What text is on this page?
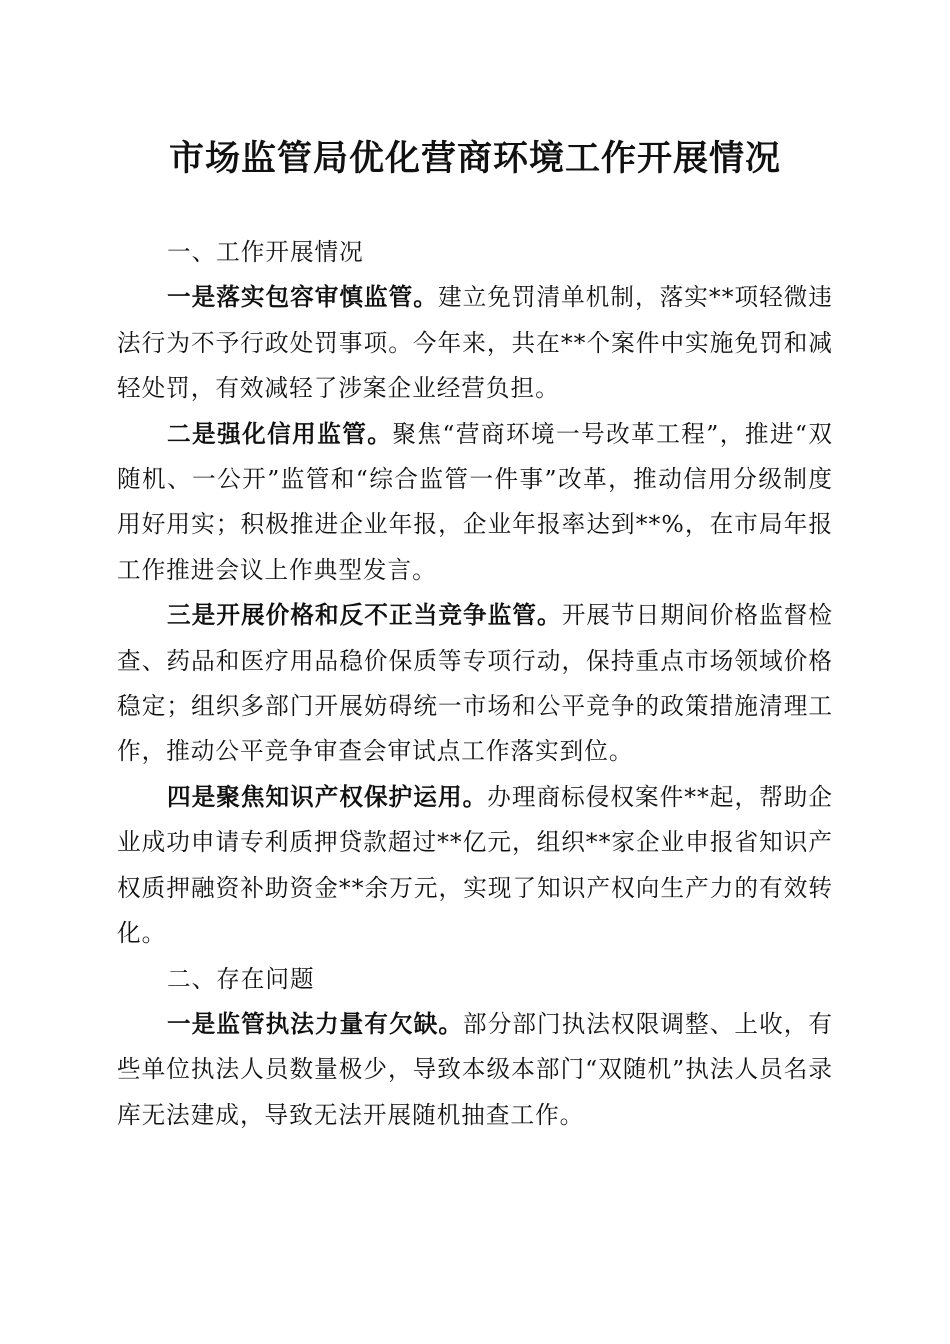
市场监管局优化营商环境工作开展情况
一、工作开展情况

一是落实包容审慎监管。建立免罚清单机制，落实**项轻微违法行为不予行政处罚事项。今年来，共在**个案件中实施免罚和减轻处罚，有效减轻了涉案企业经营负担。

二是强化信用监管。聚焦“营商环境一号改革工程”，推进“双随机、一公开”监管和“综合监管一件事”改革，推动信用分级制度用好用实；积极推进企业年报，企业年报率达到**%，在市局年报工作推进会议上作典型发言。

三是开展价格和反不正当竞争监管。开展节日期间价格监督检查、药品和医疗用品稳价保质等专项行动，保持重点市场领域价格稳定；组织多部门开展妨碍统一市场和公平竞争的政策措施清理工作，推动公平竞争审查会审试点工作落实到位。

四是聚焦知识产权保护运用。办理商标侵权案件**起，帮助企业成功申请专利质押贷款超过**亿元，组织**家企业申报省知识产权质押融资补助资金**余万元，实现了知识产权向生产力的有效转化。

二、存在问题

一是监管执法力量有欠缺。部分部门执法权限调整、上收，有些单位执法人员数量极少，导致本级本部门“双随机”执法人员名录库无法建成，导致无法开展随机抽查工作。
